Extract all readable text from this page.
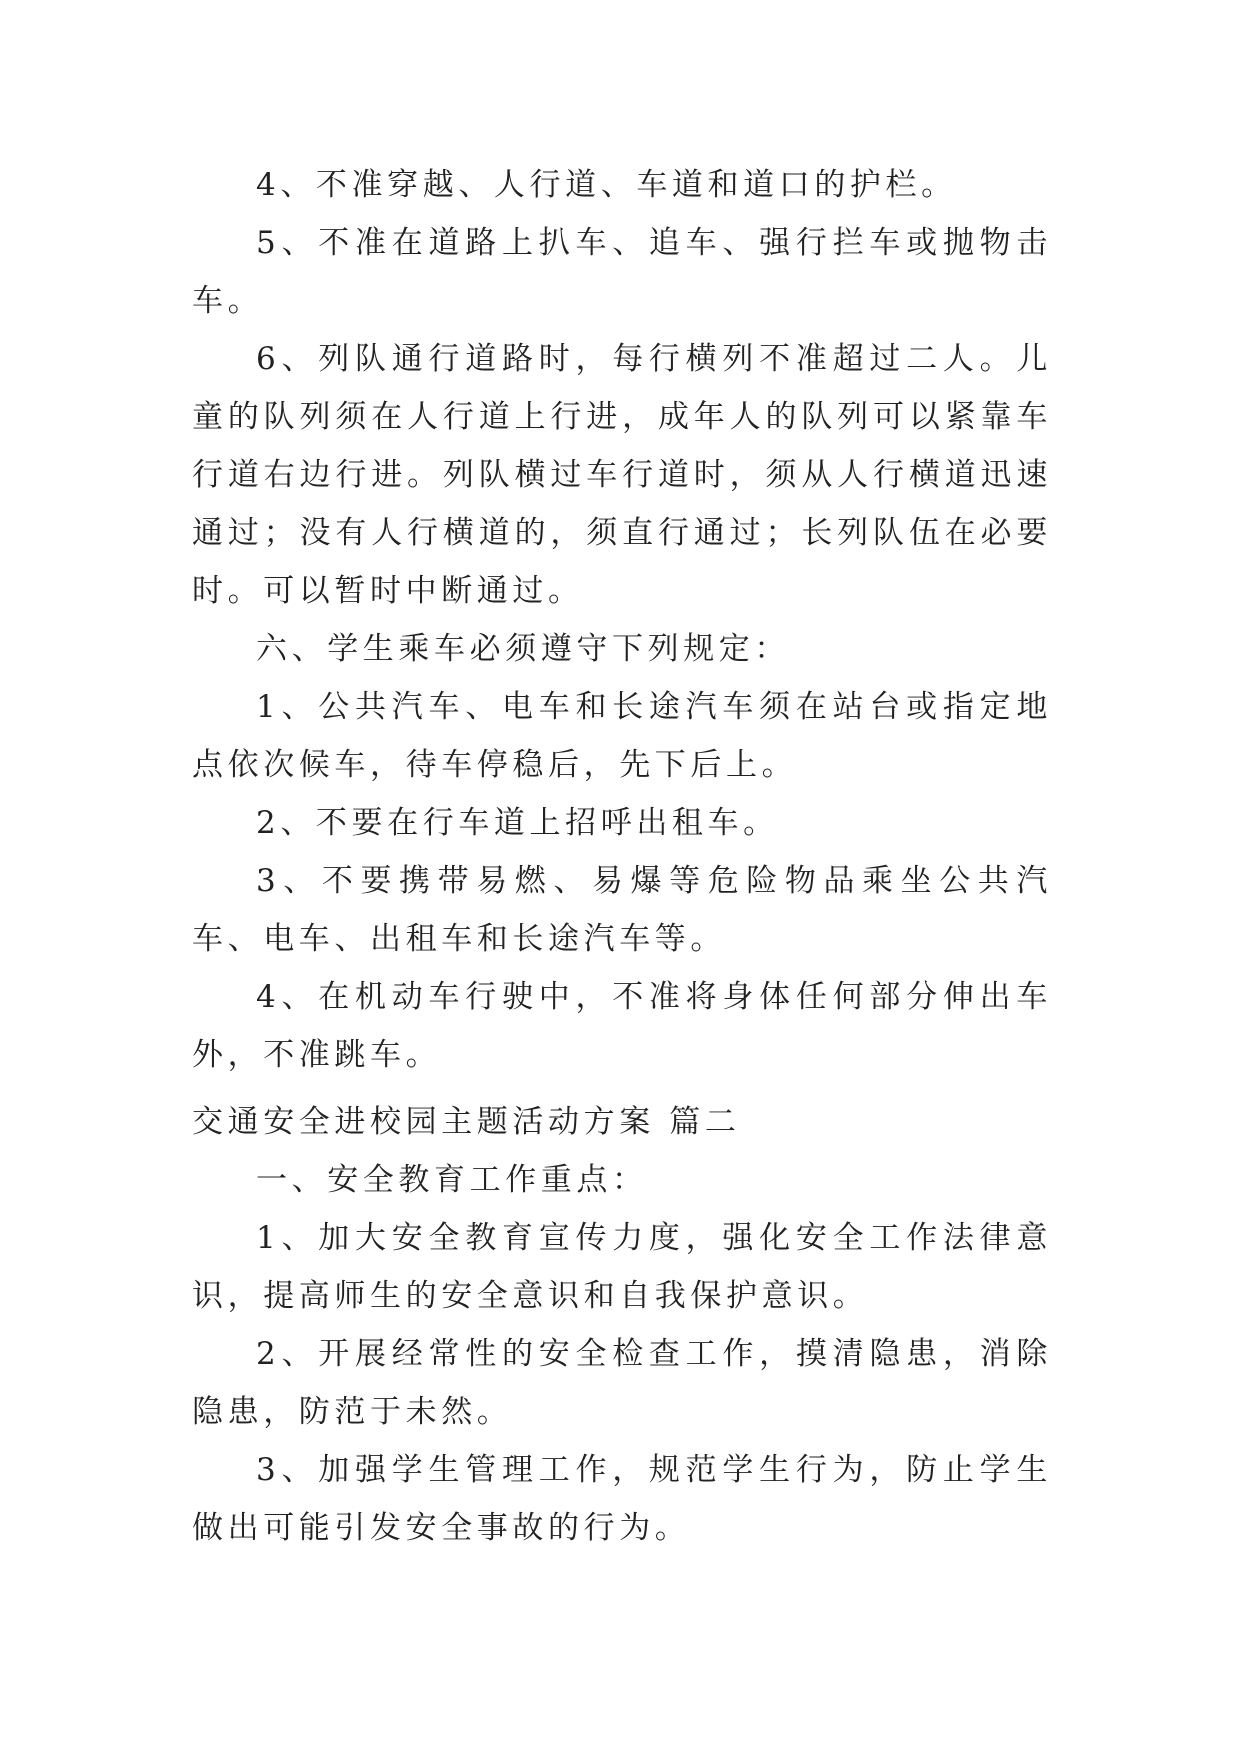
4、不准穿越、人行道、车道和道口的护栏。

5、不准在道路上扒车、追车、强行拦车或抛物击车。

6、列队通行道路时，每行横列不准超过二人。儿童的队列须在人行道上行进，成年人的队列可以紧靠车行道右边行进。列队横过车行道时，须从人行横道迅速通过；没有人行横道的，须直行通过；长列队伍在必要时。可以暂时中断通过。

六、学生乘车必须遵守下列规定：

1、公共汽车、电车和长途汽车须在站台或指定地点依次候车，待车停稳后，先下后上。

2、不要在行车道上招呼出租车。

3、不要携带易燃、易爆等危险物品乘坐公共汽车、电车、出租车和长途汽车等。

4、在机动车行驶中，不准将身体任何部分伸出车外，不准跳车。

交通安全进校园主题活动方案 篇二

一、安全教育工作重点：

1、加大安全教育宣传力度，强化安全工作法律意识，提高师生的安全意识和自我保护意识。

2、开展经常性的安全检查工作，摸清隐患，消除隐患，防范于未然。

3、加强学生管理工作，规范学生行为，防止学生做出可能引发安全事故的行为。
